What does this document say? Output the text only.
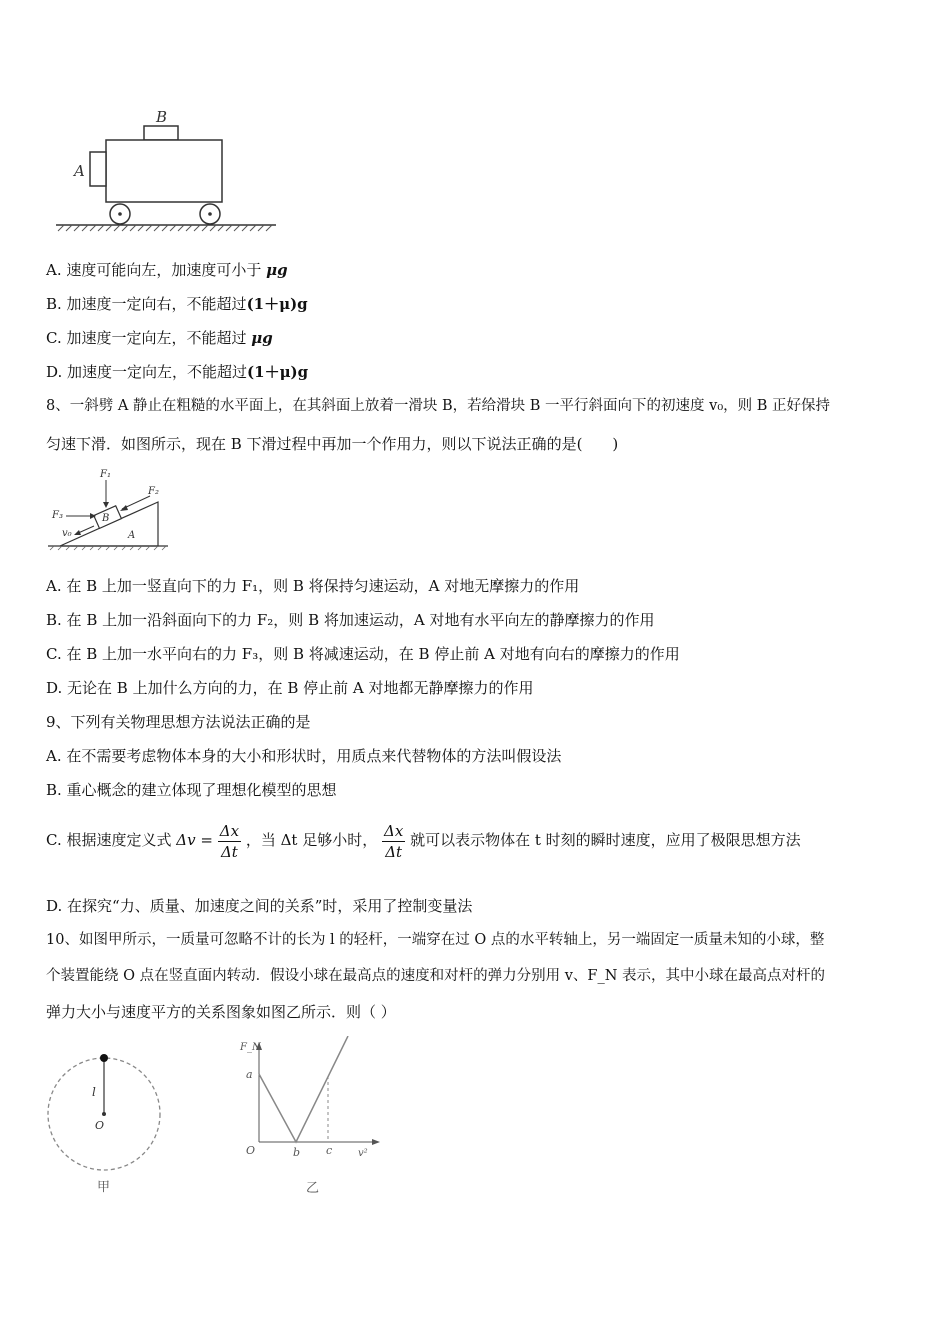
B
A
A. 速度可能向左，加速度可小于 μg
B. 加速度一定向右，不能超过(1＋μ)g
C. 加速度一定向左，不能超过 μg
D. 加速度一定向左，不能超过(1＋μ)g
8、一斜劈 A 静止在粗糙的水平面上，在其斜面上放着一滑块 B，若给滑块 B 一平行斜面向下的初速度 v₀，则 B 正好保持
匀速下滑．如图所示，现在 B 下滑过程中再加一个作用力，则以下说法正确的是(　　)
F₁
F₂
F₃
v₀
B
A
A. 在 B 上加一竖直向下的力 F₁，则 B 将保持匀速运动，A 对地无摩擦力的作用
B. 在 B 上加一沿斜面向下的力 F₂，则 B 将加速运动，A 对地有水平向左的静摩擦力的作用
C. 在 B 上加一水平向右的力 F₃，则 B 将减速运动，在 B 停止前 A 对地有向右的摩擦力的作用
D. 无论在 B 上加什么方向的力，在 B 停止前 A 对地都无静摩擦力的作用
9、下列有关物理思想方法说法正确的是
A. 在不需要考虑物体本身的大小和形状时，用质点来代替物体的方法叫假设法
B. 重心概念的建立体现了理想化模型的思想
C. 根据速度定义式 $\Delta v = \frac{\Delta x}{\Delta t}$ ，当 Δt 足够小时， $\frac{\Delta x}{\Delta t}$ 就可以表示物体在 t 时刻的瞬时速度，应用了极限思想方法
D. 在探究“力、质量、加速度之间的关系”时，采用了控制变量法
10、如图甲所示，一质量可忽略不计的长为 l 的轻杆，一端穿在过 O 点的水平转轴上，另一端固定一质量未知的小球，整
个装置能绕 O 点在竖直面内转动．假设小球在最高点的速度和对杆的弹力分别用 v、F_N 表示，其中小球在最高点对杆的
弹力大小与速度平方的关系图象如图乙所示．则（ ）
l
O
甲
F_N
a
O	b c	v²
乙
